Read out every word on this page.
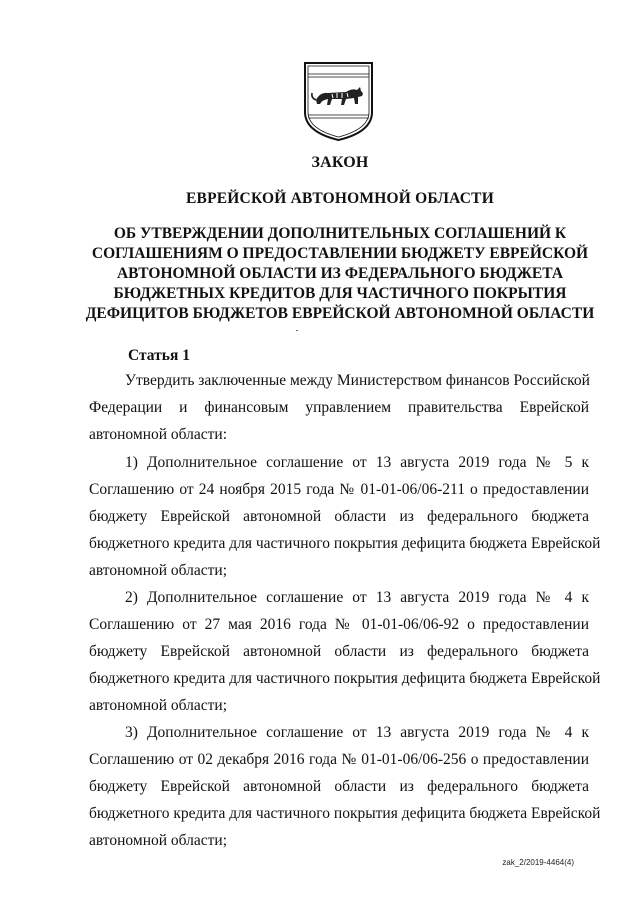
ЗАКОН
ЕВРЕЙСКОЙ АВТОНОМНОЙ ОБЛАСТИ
ОБ УТВЕРЖДЕНИИ ДОПОЛНИТЕЛЬНЫХ СОГЛАШЕНИЙ К
СОГЛАШЕНИЯМ О ПРЕДОСТАВЛЕНИИ БЮДЖЕТУ ЕВРЕЙСКОЙ
АВТОНОМНОЙ ОБЛАСТИ ИЗ ФЕДЕРАЛЬНОГО БЮДЖЕТА
БЮДЖЕТНЫХ КРЕДИТОВ ДЛЯ ЧАСТИЧНОГО ПОКРЫТИЯ
ДЕФИЦИТОВ БЮДЖЕТОВ ЕВРЕЙСКОЙ АВТОНОМНОЙ ОБЛАСТИ
Статья 1
Утвердить заключенные между Министерством финансов Российской
Федерации и финансовым управлением правительства Еврейской
автономной области:
1) Дополнительное соглашение от 13 августа 2019 года № 5 к
Соглашению от 24 ноября 2015 года № 01-01-06/06-211 о предоставлении
бюджету Еврейской автономной области из федерального бюджета
бюджетного кредита для частичного покрытия дефицита бюджета Еврейской
автономной области;
2) Дополнительное соглашение от 13 августа 2019 года № 4 к
Соглашению от 27 мая 2016 года № 01-01-06/06-92 о предоставлении
бюджету Еврейской автономной области из федерального бюджета
бюджетного кредита для частичного покрытия дефицита бюджета Еврейской
автономной области;
3) Дополнительное соглашение от 13 августа 2019 года № 4 к
Соглашению от 02 декабря 2016 года № 01-01-06/06-256 о предоставлении
бюджету Еврейской автономной области из федерального бюджета
бюджетного кредита для частичного покрытия дефицита бюджета Еврейской
автономной области;
zak_2/2019-4464(4)
